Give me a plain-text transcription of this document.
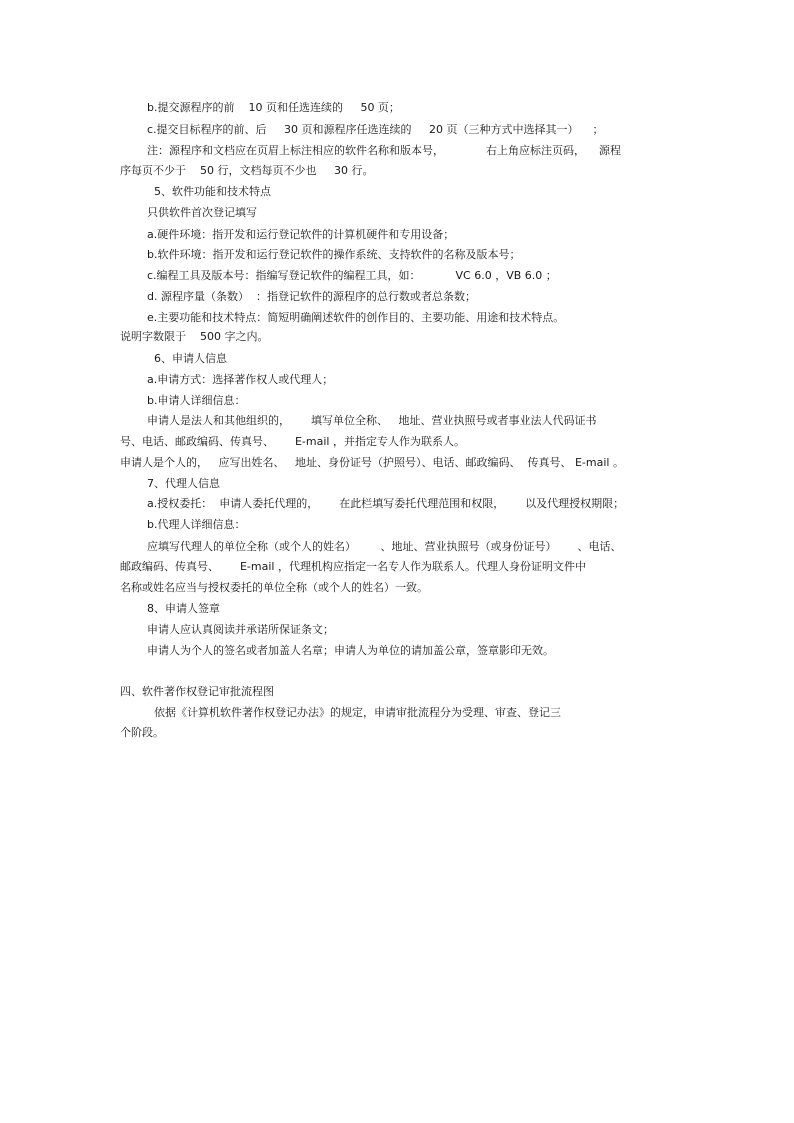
b.提交源程序的前    10 页和任选连续的     50 页；
c.提交目标程序的前、后     30 页和源程序任选连续的     20 页（三种方式中选择其一）    ；
注：源程序和文档应在页眉上标注相应的软件名称和版本号，            右上角应标注页码，    源程
序每页不少于    50 行，文档每页不少也     30 行。
5、软件功能和技术特点
只供软件首次登记填写
a.硬件环境：指开发和运行登记软件的计算机硬件和专用设备；
b.软件环境：指开发和运行登记软件的操作系统、支持软件的名称及版本号；
c.编程工具及版本号：指编写登记软件的编程工具，如：          VC 6.0 ，VB 6.0 ；
d. 源程序量（条数）  ：指登记软件的源程序的总行数或者总条数；
e.主要功能和技术特点：简短明确阐述软件的创作目的、主要功能、用途和技术特点。
说明字数限于    500 字之内。
6、申请人信息
a.申请方式：选择著作权人或代理人；
b.申请人详细信息：
申请人是法人和其他组织的，      填写单位全称、   地址、营业执照号或者事业法人代码证书
号、电话、邮政编码、传真号、      E-mail ，并指定专人作为联系人。
申请人是个人的，   应写出姓名、   地址、身份证号（护照号）、电话、邮政编码、  传真号、 E-mail 。
7、代理人信息
a.授权委托：  申请人委托代理的，      在此栏填写委托代理范围和权限，      以及代理授权期限；
b.代理人详细信息：
应填写代理人的单位全称（或个人的姓名）       、地址、营业执照号（或身份证号）      、电话、
邮政编码、传真号、      E-mail ，代理机构应指定一名专人作为联系人。代理人身份证明文件中
名称或姓名应当与授权委托的单位全称（或个人的姓名）一致。
8、申请人签章
申请人应认真阅读并承诺所保证条文；
申请人为个人的签名或者加盖人名章；申请人为单位的请加盖公章，签章影印无效。
四、软件著作权登记审批流程图
依据《计算机软件著作权登记办法》的规定，申请审批流程分为受理、审查、登记三
个阶段。
